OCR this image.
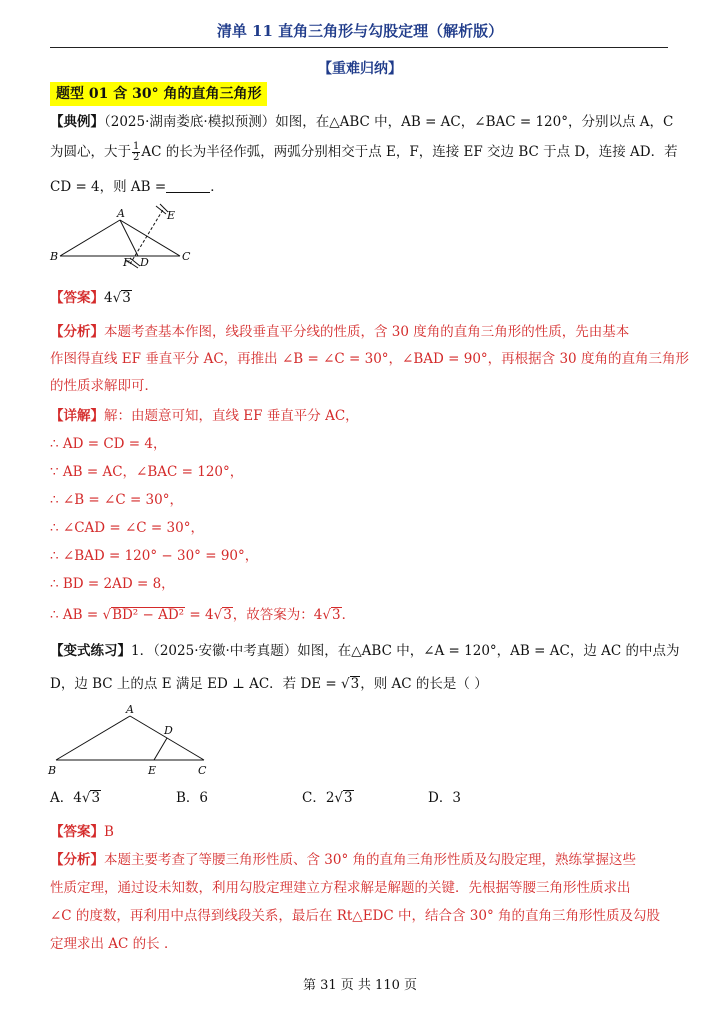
清单 11 直角三角形与勾股定理（解析版）
【重难归纳】
题型 01 含 30° 角的直角三角形
【典例】（2025·湖南娄底·模拟预测）如图，在△ABC 中，AB = AC，∠BAC = 120°，分别以点 A，C
为圆心，大于 $\frac{1}{2}$ AC 的长为半径作弧，两弧分别相交于点 E，F，连接 EF 交边 BC 于点 D，连接 AD．若
CD = 4，则 AB =	．
A
B	C
D
E
F
【答案】4√3
【分析】本题考查基本作图，线段垂直平分线的性质，含 30 度角的直角三角形的性质，先由基本
作图得直线 EF 垂直平分 AC，再推出 ∠B = ∠C = 30°，∠BAD = 90°，再根据含 30 度角的直角三角形
的性质求解即可．
【详解】解：由题意可知，直线 EF 垂直平分 AC，
∴ AD = CD = 4，
∵ AB = AC，∠BAC = 120°，
∴ ∠B = ∠C = 30°，
∴ ∠CAD = ∠C = 30°，
∴ ∠BAD = 120° − 30° = 90°，
∴ BD = 2AD = 8，
∴ AB = √BD² − AD² = 4√3，故答案为：4√3．
【变式练习】1．（2025·安徽·中考真题）如图，在△ABC 中，∠A = 120°，AB = AC，边 AC 的中点为
D，边 BC 上的点 E 满足 ED ⊥ AC．若 DE = √3，则 AC 的长是（ ）
A
B	C
D
E
A．4√3	B．6	C．2√3	D．3
【答案】B
【分析】本题主要考查了等腰三角形性质、含 30° 角的直角三角形性质及勾股定理，熟练掌握这些
性质定理，通过设未知数，利用勾股定理建立方程求解是解题的关键．先根据等腰三角形性质求出
∠C 的度数，再利用中点得到线段关系，最后在 Rt△EDC 中，结合含 30° 角的直角三角形性质及勾股
定理求出 AC 的长 ．
第 31 页 共 110 页
